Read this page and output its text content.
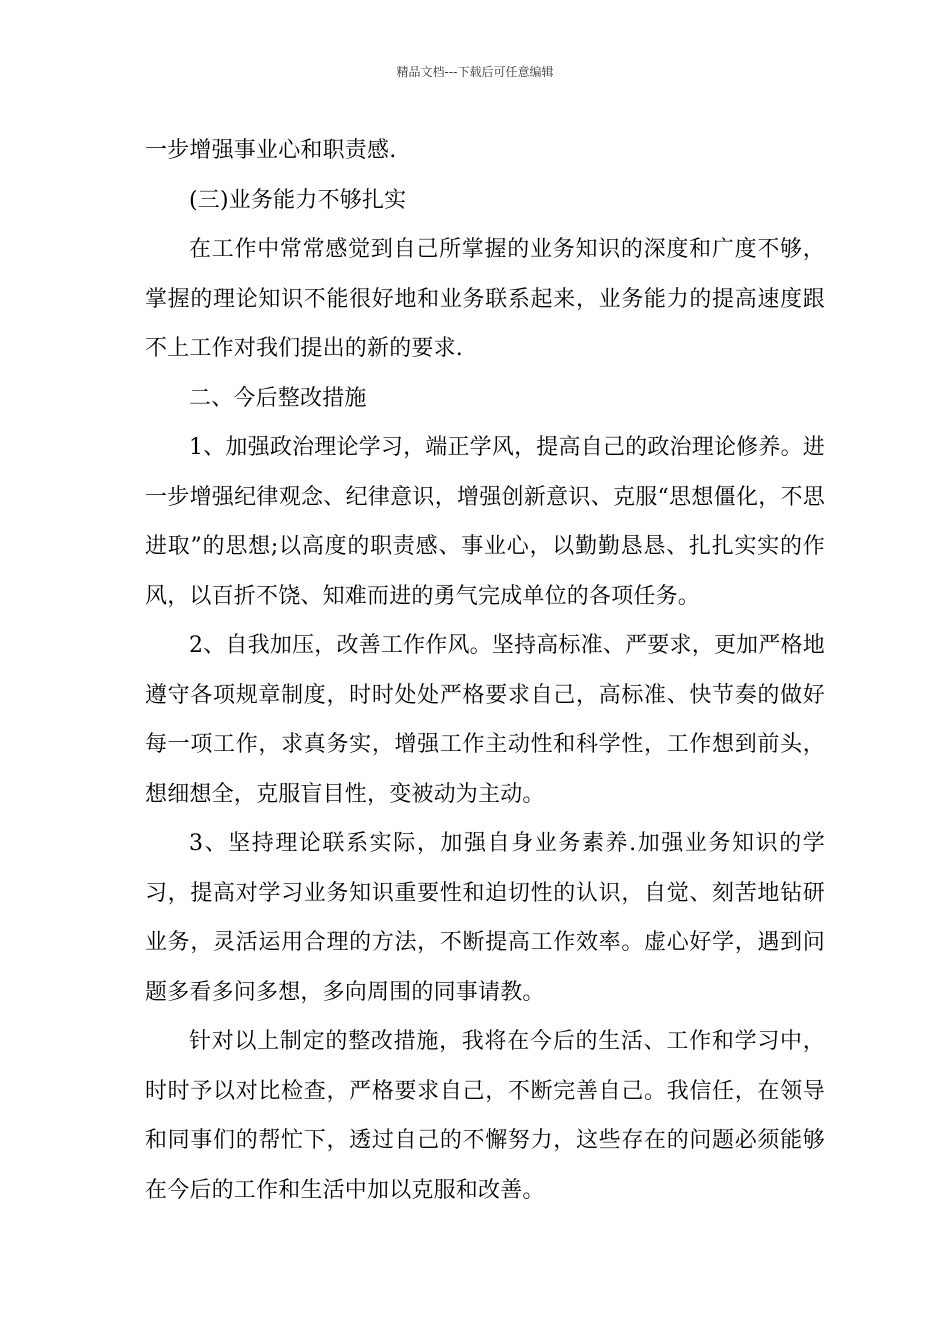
精品文档---下载后可任意编辑

一步增强事业心和职责感.

(三)业务能力不够扎实

在工作中常常感觉到自己所掌握的业务知识的深度和广度不够，掌握的理论知识不能很好地和业务联系起来，业务能力的提高速度跟不上工作对我们提出的新的要求.

二、今后整改措施

1、加强政治理论学习，端正学风，提高自己的政治理论修养。进一步增强纪律观念、纪律意识，增强创新意识、克服“思想僵化，不思进取”的思想;以高度的职责感、事业心，以勤勤恳恳、扎扎实实的作风，以百折不饶、知难而进的勇气完成单位的各项任务。

2、自我加压，改善工作作风。坚持高标准、严要求，更加严格地遵守各项规章制度，时时处处严格要求自己，高标准、快节奏的做好每一项工作，求真务实，增强工作主动性和科学性，工作想到前头，想细想全，克服盲目性，变被动为主动。

3、坚持理论联系实际，加强自身业务素养.加强业务知识的学习，提高对学习业务知识重要性和迫切性的认识，自觉、刻苦地钻研业务，灵活运用合理的方法，不断提高工作效率。虚心好学，遇到问题多看多问多想，多向周围的同事请教。

针对以上制定的整改措施，我将在今后的生活、工作和学习中，时时予以对比检查，严格要求自己，不断完善自己。我信任，在领导和同事们的帮忙下，透过自己的不懈努力，这些存在的问题必须能够在今后的工作和生活中加以克服和改善。
